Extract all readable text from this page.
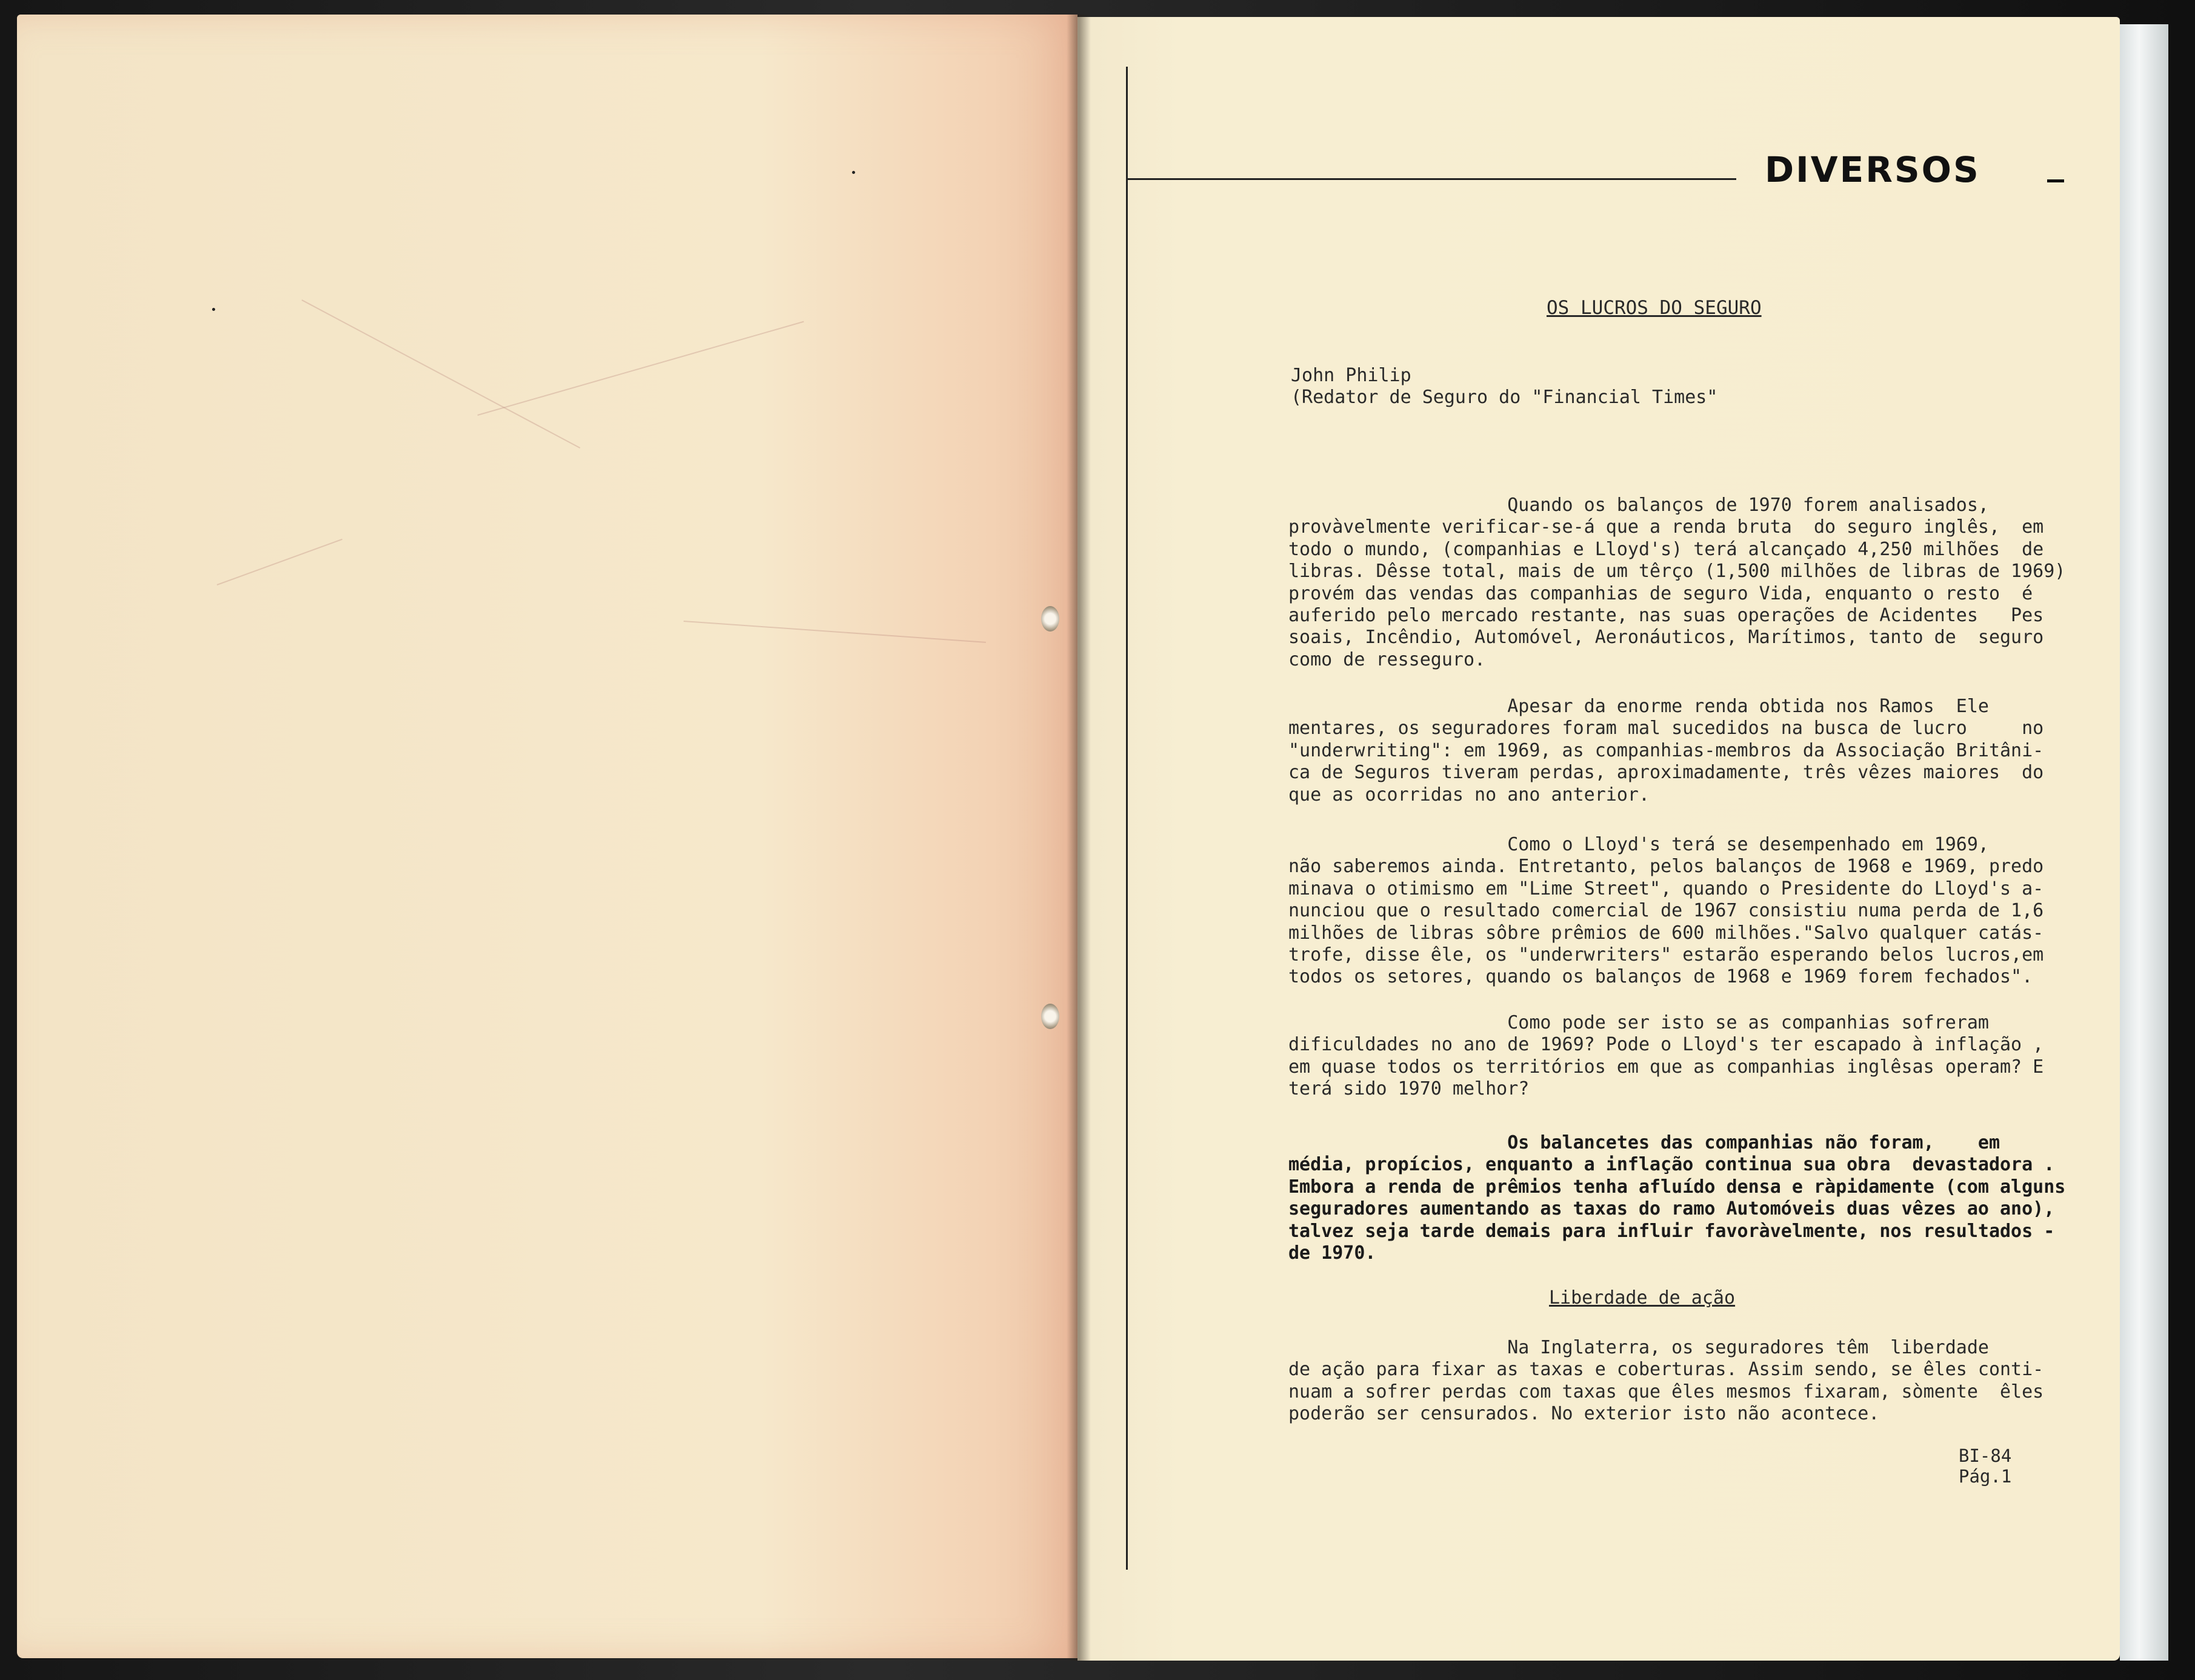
DIVERSOS
OS LUCROS DO SEGURO
John Philip
(Redator de Seguro do "Financial Times"
Quando os balanços de 1970 forem analisados,
provàvelmente verificar-se-á que a renda bruta  do seguro inglês,  em
todo o mundo, (companhias e Lloyd's) terá alcançado 4,250 milhões  de
libras. Dêsse total, mais de um têrço (1,500 milhões de libras de 1969)
provém das vendas das companhias de seguro Vida, enquanto o resto  é
auferido pelo mercado restante, nas suas operações de Acidentes   Pes
soais, Incêndio, Automóvel, Aeronáuticos, Marítimos, tanto de  seguro
como de resseguro.
Apesar da enorme renda obtida nos Ramos  Ele
mentares, os seguradores foram mal sucedidos na busca de lucro     no
"underwriting": em 1969, as companhias-membros da Associação Britâni-
ca de Seguros tiveram perdas, aproximadamente, três vêzes maiores  do
que as ocorridas no ano anterior.
Como o Lloyd's terá se desempenhado em 1969,
não saberemos ainda. Entretanto, pelos balanços de 1968 e 1969, predo
minava o otimismo em "Lime Street", quando o Presidente do Lloyd's a-
nunciou que o resultado comercial de 1967 consistiu numa perda de 1,6
milhões de libras sôbre prêmios de 600 milhões."Salvo qualquer catás-
trofe, disse êle, os "underwriters" estarão esperando belos lucros,em
todos os setores, quando os balanços de 1968 e 1969 forem fechados".
Como pode ser isto se as companhias sofreram
dificuldades no ano de 1969? Pode o Lloyd's ter escapado à inflação ,
em quase todos os territórios em que as companhias inglêsas operam? E
terá sido 1970 melhor?
Os balancetes das companhias não foram,    em
média, propícios, enquanto a inflação continua sua obra  devastadora .
Embora a renda de prêmios tenha afluído densa e ràpidamente (com alguns
seguradores aumentando as taxas do ramo Automóveis duas vêzes ao ano),
talvez seja tarde demais para influir favoràvelmente, nos resultados -
de 1970.
Liberdade de ação
Na Inglaterra, os seguradores têm  liberdade
de ação para fixar as taxas e coberturas. Assim sendo, se êles conti-
nuam a sofrer perdas com taxas que êles mesmos fixaram, sòmente  êles
poderão ser censurados. No exterior isto não acontece.
BI-84
Pág.1
